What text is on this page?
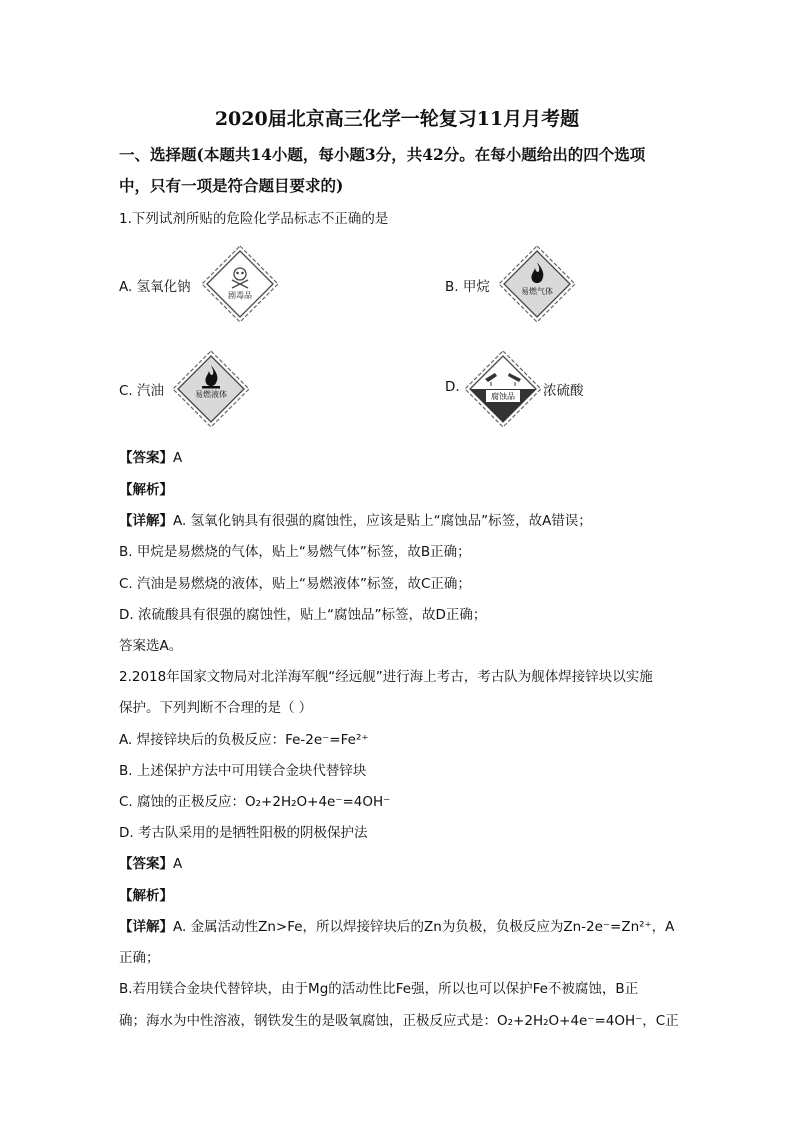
2020届北京高三化学一轮复习11月月考题
一、选择题(本题共14小题，每小题3分，共42分。在每小题给出的四个选项
中，只有一项是符合题目要求的)
1.下列试剂所贴的危险化学品标志不正确的是
A. 氢氧化钠
剧毒品
B. 甲烷	易燃气体
C. 汽油	易燃液体	D.
腐蚀品 浓硫酸
【答案】A
【解析】
【详解】A. 氢氧化钠具有很强的腐蚀性，应该是贴上“腐蚀品”标签，故A错误；
B. 甲烷是易燃烧的气体，贴上“易燃气体”标签，故B正确；
C. 汽油是易燃烧的液体，贴上“易燃液体”标签，故C正确；
D. 浓硫酸具有很强的腐蚀性，贴上“腐蚀品”标签，故D正确；
答案选A。
2.2018年国家文物局对北洋海军舰“经远舰”进行海上考古，考古队为舰体焊接锌块以实施
保护。下列判断不合理的是（ ）
A. 焊接锌块后的负极反应：Fe-2e⁻=Fe²⁺
B. 上述保护方法中可用镁合金块代替锌块
C. 腐蚀的正极反应：O₂+2H₂O+4e⁻=4OH⁻
D. 考古队采用的是牺牲阳极的阴极保护法
【答案】A
【解析】
【详解】A. 金属活动性Zn>Fe，所以焊接锌块后的Zn为负极，负极反应为Zn-2e⁻=Zn²⁺，A
正确；
B.若用镁合金块代替锌块，由于Mg的活动性比Fe强，所以也可以保护Fe不被腐蚀，B正
确；海水为中性溶液，钢铁发生的是吸氧腐蚀，正极反应式是：O₂+2H₂O+4e⁻=4OH⁻，C正
